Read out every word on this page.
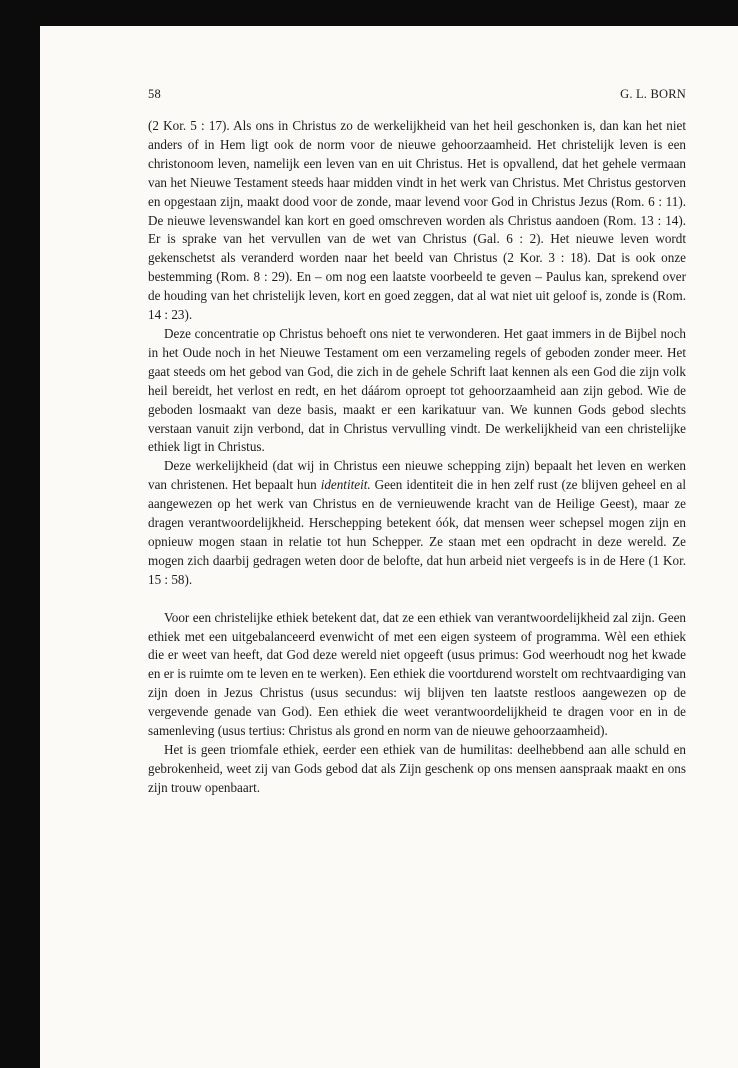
58	G. L. BORN

(2 Kor. 5 : 17). Als ons in Christus zo de werkelijkheid van het heil geschonken is, dan kan het niet anders of in Hem ligt ook de norm voor de nieuwe gehoorzaamheid. Het christelijk leven is een christonoom leven, namelijk een leven van en uit Christus. Het is opvallend, dat het gehele vermaan van het Nieuwe Testament steeds haar midden vindt in het werk van Christus. Met Christus gestorven en opgestaan zijn, maakt dood voor de zonde, maar levend voor God in Christus Jezus (Rom. 6 : 11). De nieuwe levenswandel kan kort en goed omschreven worden als Christus aandoen (Rom. 13 : 14). Er is sprake van het vervullen van de wet van Christus (Gal. 6 : 2). Het nieuwe leven wordt gekenschetst als veranderd worden naar het beeld van Christus (2 Kor. 3 : 18). Dat is ook onze bestemming (Rom. 8 : 29). En – om nog een laatste voorbeeld te geven – Paulus kan, sprekend over de houding van het christelijk leven, kort en goed zeggen, dat al wat niet uit geloof is, zonde is (Rom. 14 : 23).

Deze concentratie op Christus behoeft ons niet te verwonderen. Het gaat immers in de Bijbel noch in het Oude noch in het Nieuwe Testament om een verzameling regels of geboden zonder meer. Het gaat steeds om het gebod van God, die zich in de gehele Schrift laat kennen als een God die zijn volk heil bereidt, het verlost en redt, en het dáárom oproept tot gehoorzaamheid aan zijn gebod. Wie de geboden losmaakt van deze basis, maakt er een karikatuur van. We kunnen Gods gebod slechts verstaan vanuit zijn verbond, dat in Christus vervulling vindt. De werkelijkheid van een christelijke ethiek ligt in Christus.

Deze werkelijkheid (dat wij in Christus een nieuwe schepping zijn) bepaalt het leven en werken van christenen. Het bepaalt hun identiteit. Geen identiteit die in hen zelf rust (ze blijven geheel en al aangewezen op het werk van Christus en de vernieuwende kracht van de Heilige Geest), maar ze dragen verantwoordelijkheid. Herschepping betekent óók, dat mensen weer schepsel mogen zijn en opnieuw mogen staan in relatie tot hun Schepper. Ze staan met een opdracht in deze wereld. Ze mogen zich daarbij gedragen weten door de belofte, dat hun arbeid niet vergeefs is in de Here (1 Kor. 15 : 58).

Voor een christelijke ethiek betekent dat, dat ze een ethiek van verantwoordelijkheid zal zijn. Geen ethiek met een uitgebalanceerd evenwicht of met een eigen systeem of programma. Wèl een ethiek die er weet van heeft, dat God deze wereld niet opgeeft (usus primus: God weerhoudt nog het kwade en er is ruimte om te leven en te werken). Een ethiek die voortdurend worstelt om rechtvaardiging van zijn doen in Jezus Christus (usus secundus: wij blijven ten laatste restloos aangewezen op de vergevende genade van God). Een ethiek die weet verantwoordelijkheid te dragen voor en in de samenleving (usus tertius: Christus als grond en norm van de nieuwe gehoorzaamheid).

Het is geen triomfale ethiek, eerder een ethiek van de humilitas: deelhebbend aan alle schuld en gebrokenheid, weet zij van Gods gebod dat als Zijn geschenk op ons mensen aanspraak maakt en ons zijn trouw openbaart.
